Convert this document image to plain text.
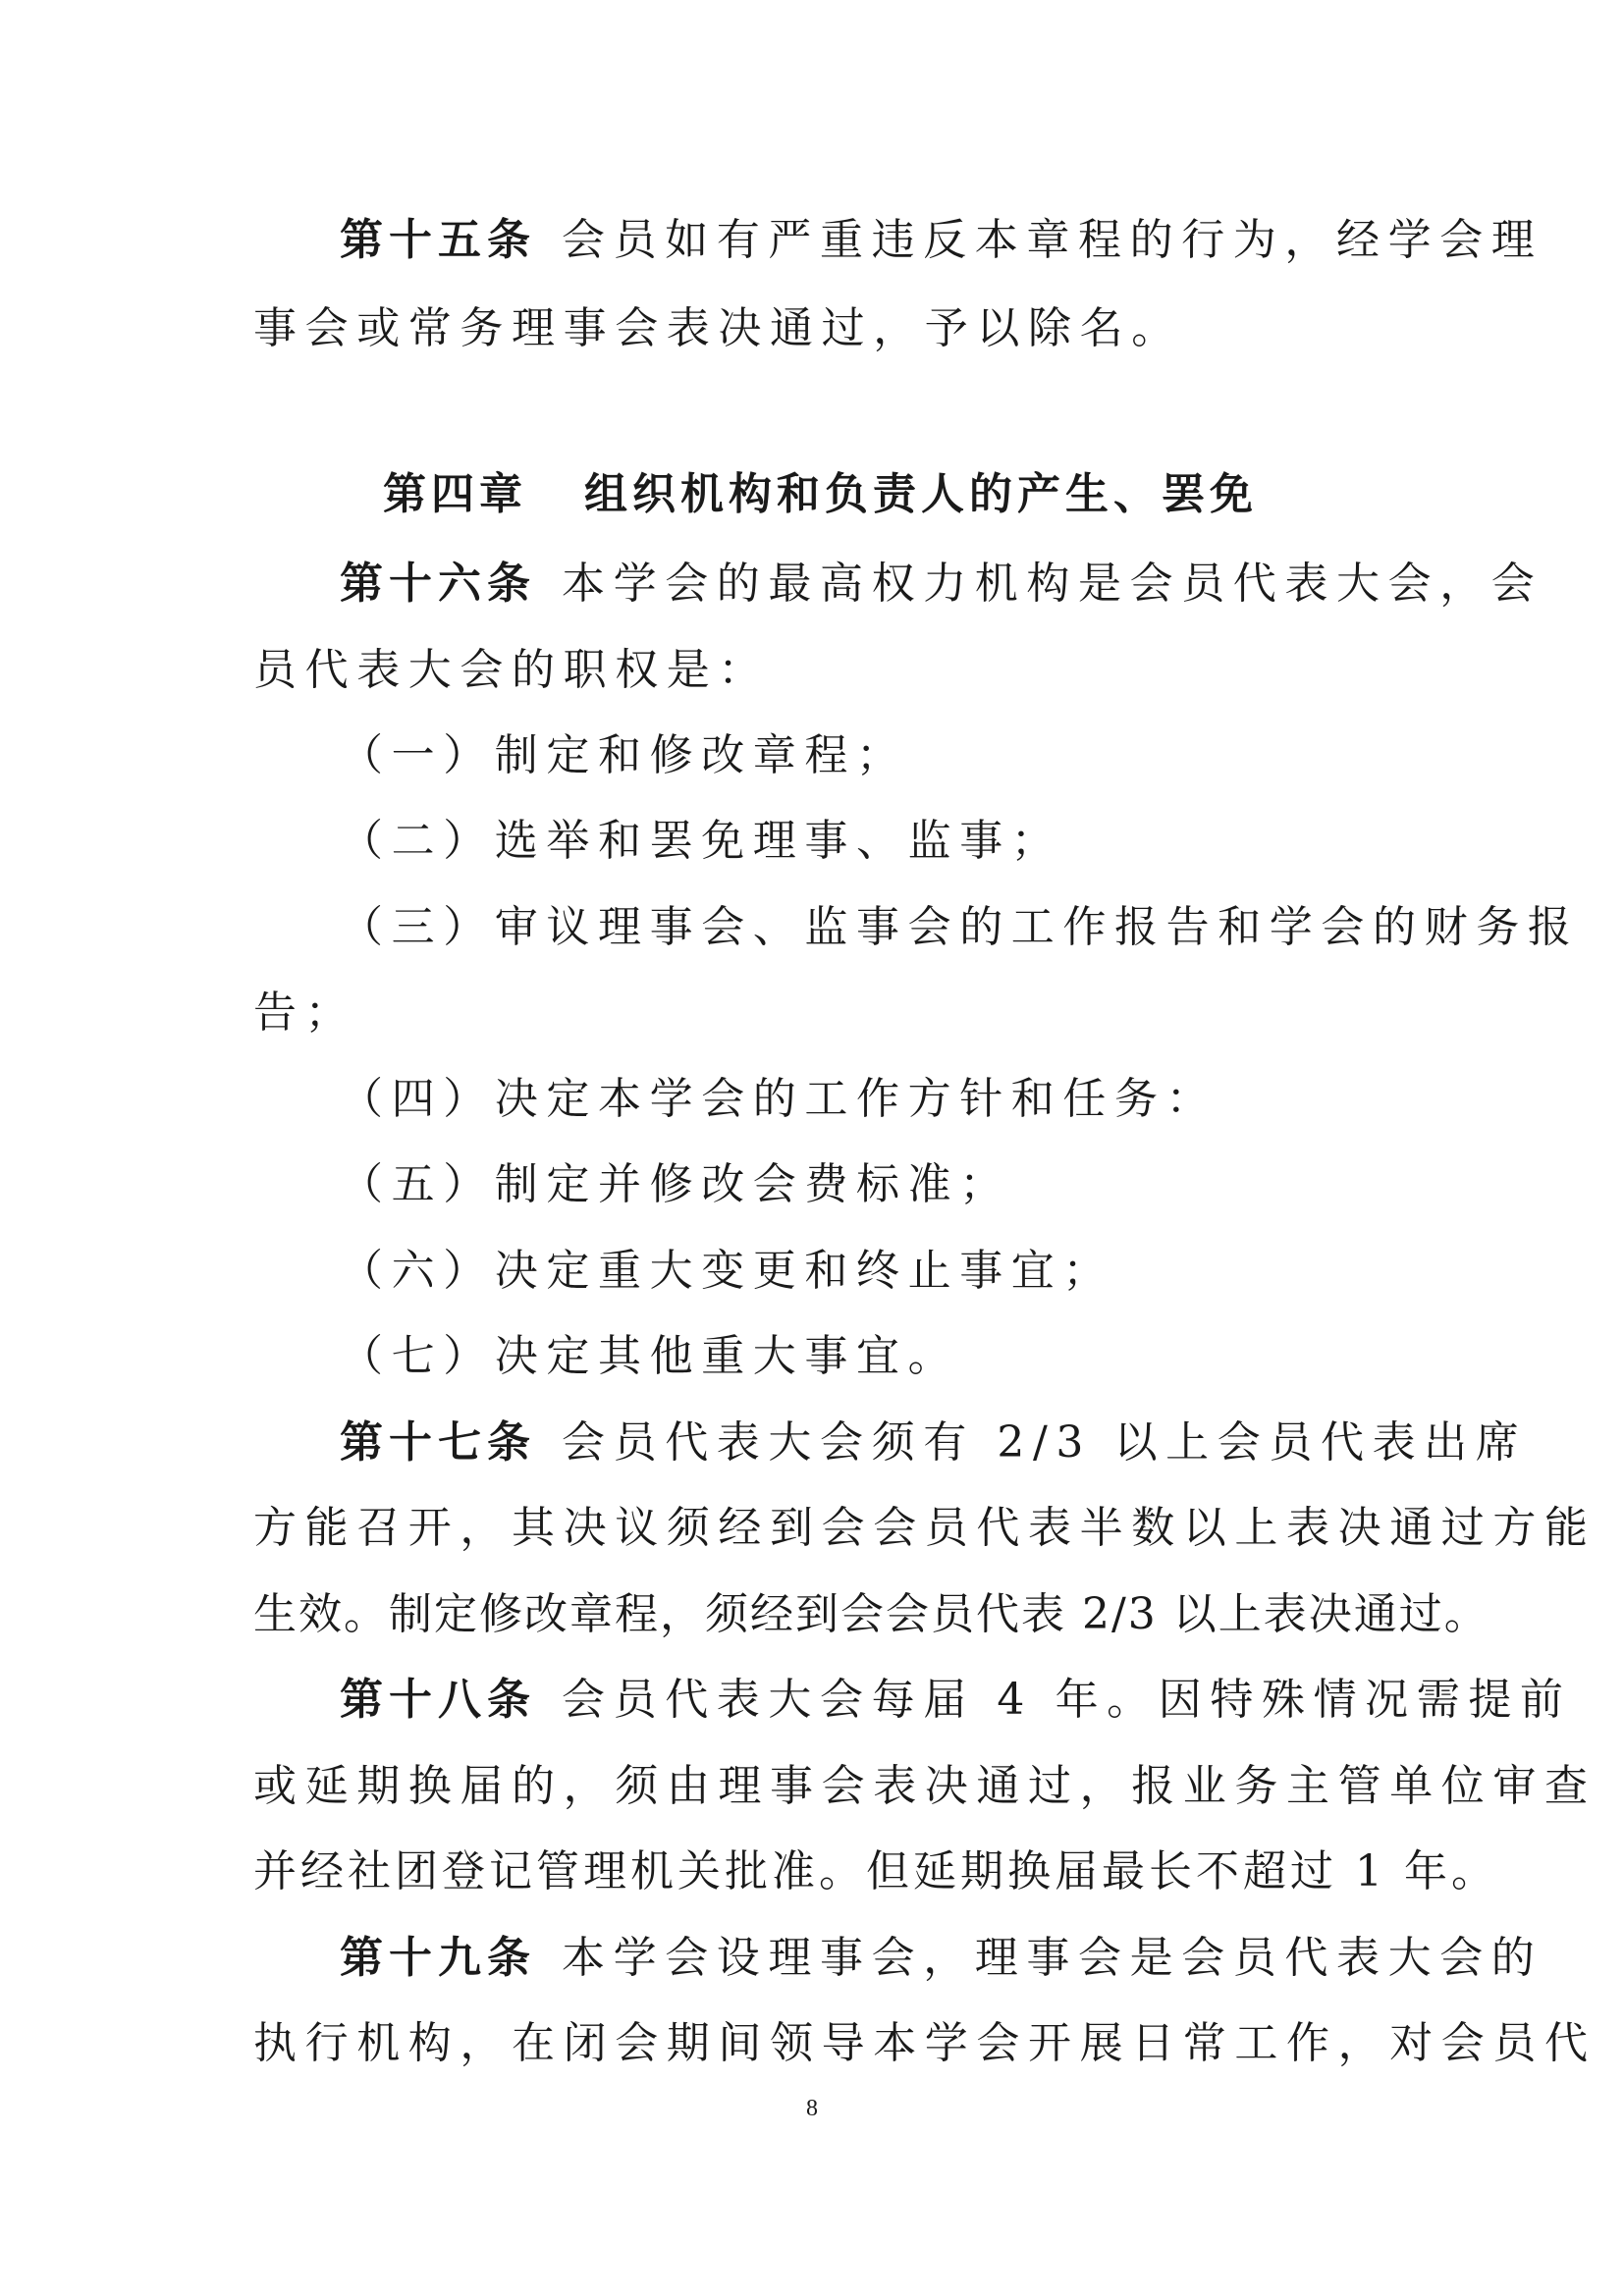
第十五条 会员如有严重违反本章程的行为，经学会理
事会或常务理事会表决通过，予以除名。
第四章 组织机构和负责人的产生、罢免
第十六条 本学会的最高权力机构是会员代表大会，会
员代表大会的职权是：
（一）制定和修改章程；
（二）选举和罢免理事、监事；
（三）审议理事会、监事会的工作报告和学会的财务报
告；
（四）决定本学会的工作方针和任务：
（五）制定并修改会费标准；
（六）决定重大变更和终止事宜；
（七）决定其他重大事宜。
第十七条 会员代表大会须有 2/3 以上会员代表出席
方能召开，其决议须经到会会员代表半数以上表决通过方能
生效。制定修改章程，须经到会会员代表 2/3 以上表决通过。
第十八条 会员代表大会每届 4 年。因特殊情况需提前
或延期换届的，须由理事会表决通过，报业务主管单位审查
并经社团登记管理机关批准。但延期换届最长不超过 1 年。
第十九条 本学会设理事会，理事会是会员代表大会的
执行机构，在闭会期间领导本学会开展日常工作，对会员代
8
